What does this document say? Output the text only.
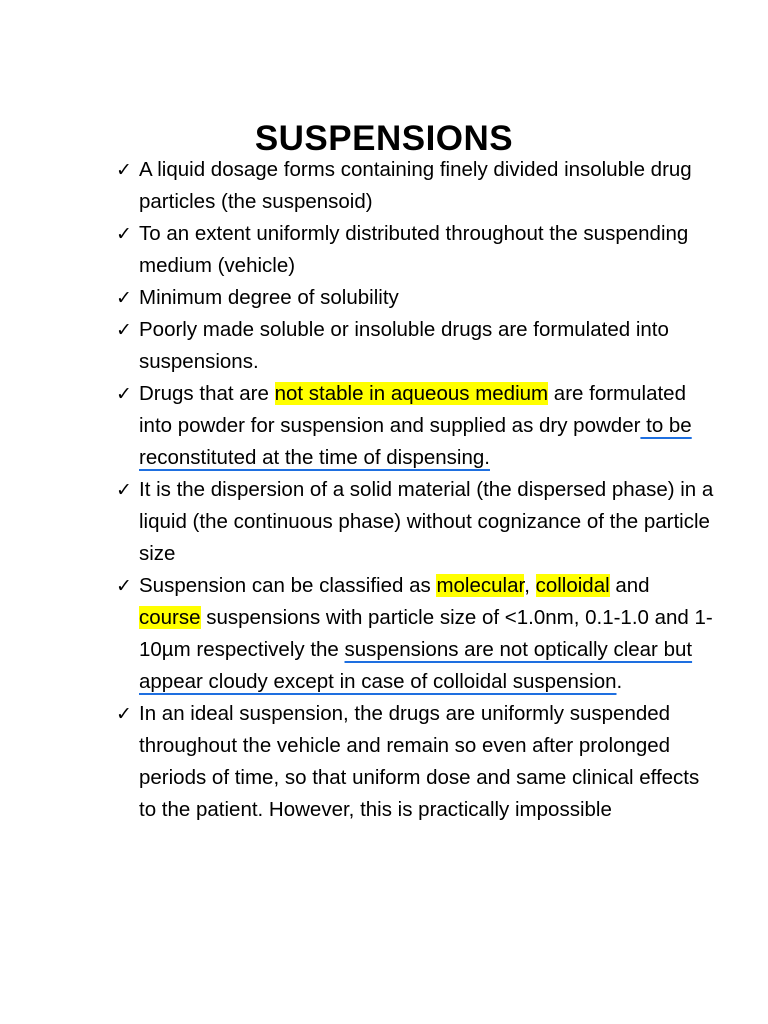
SUSPENSIONS
✓ A liquid dosage forms containing finely divided insoluble drug particles (the suspensoid)
✓ To an extent uniformly distributed throughout the suspending medium (vehicle)
✓ Minimum degree of solubility
✓ Poorly made soluble or insoluble drugs are formulated into suspensions.
✓ Drugs that are not stable in aqueous medium are formulated into powder for suspension and supplied as dry powder to be reconstituted at the time of dispensing.
✓ It is the dispersion of a solid material (the dispersed phase) in a liquid (the continuous phase) without cognizance of the particle size
✓ Suspension can be classified as molecular, colloidal and course suspensions with particle size of <1.0nm, 0.1-1.0 and 1-10µm respectively the suspensions are not optically clear but appear cloudy except in case of colloidal suspension.
✓ In an ideal suspension, the drugs are uniformly suspended throughout the vehicle and remain so even after prolonged periods of time, so that uniform dose and same clinical effects to the patient. However, this is practically impossible
